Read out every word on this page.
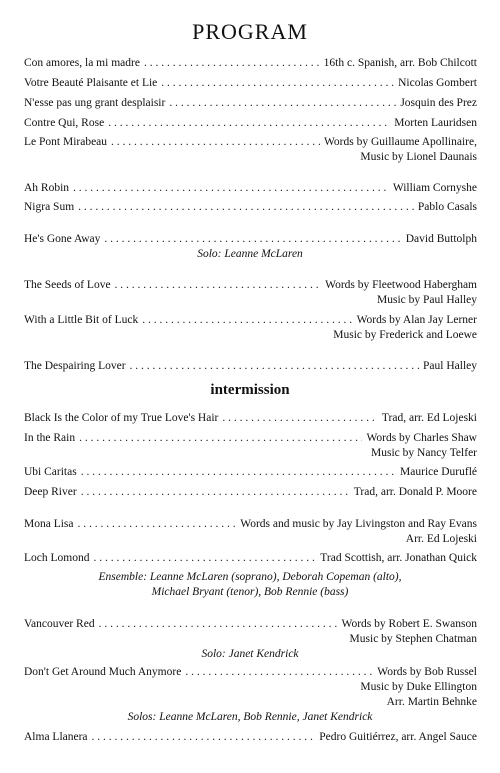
PROGRAM
Con amores, la mi madre . . .	16th c. Spanish, arr. Bob Chilcott
Votre Beauté Plaisante et Lie . . .	Nicolas Gombert
N'esse pas ung grant desplaisir . . .	Josquin des Prez
Contre Qui, Rose . . .	Morten Lauridsen
Le Pont Mirabeau . . .	Words by Guillaume Apollinaire,
Music by Lionel Daunais
Ah Robin . . .	William Cornyshe
Nigra Sum . . .	Pablo Casals
He's Gone Away . . .	David Buttolph
Solo: Leanne McLaren
The Seeds of Love . . .	Words by Fleetwood Habergham
Music by Paul Halley
With a Little Bit of Luck . . .	Words by Alan Jay Lerner
Music by Frederick and Loewe
The Despairing Lover . . .	Paul Halley
intermission
Black Is the Color of my True Love's Hair . . .	Trad, arr. Ed Lojeski
In the Rain . . .	Words by Charles Shaw
Music by Nancy Telfer
Ubi Caritas . . .	Maurice Duruflé
Deep River . . .	Trad, arr. Donald P. Moore
Mona Lisa . . .	Words and music by Jay Livingston and Ray Evans
Arr. Ed Lojeski
Loch Lomond . . .	Trad Scottish, arr. Jonathan Quick
Ensemble: Leanne McLaren (soprano), Deborah Copeman (alto),
Michael Bryant (tenor), Bob Rennie (bass)
Vancouver Red . . .	Words by Robert E. Swanson
Music by Stephen Chatman
Solo: Janet Kendrick
Don't Get Around Much Anymore . . .	Words by Bob Russel
Music by Duke Ellington
Arr. Martin Behnke
Solos: Leanne McLaren, Bob Rennie, Janet Kendrick
Alma Llanera . . .	Pedro Guitiérrez, arr. Angel Sauce
